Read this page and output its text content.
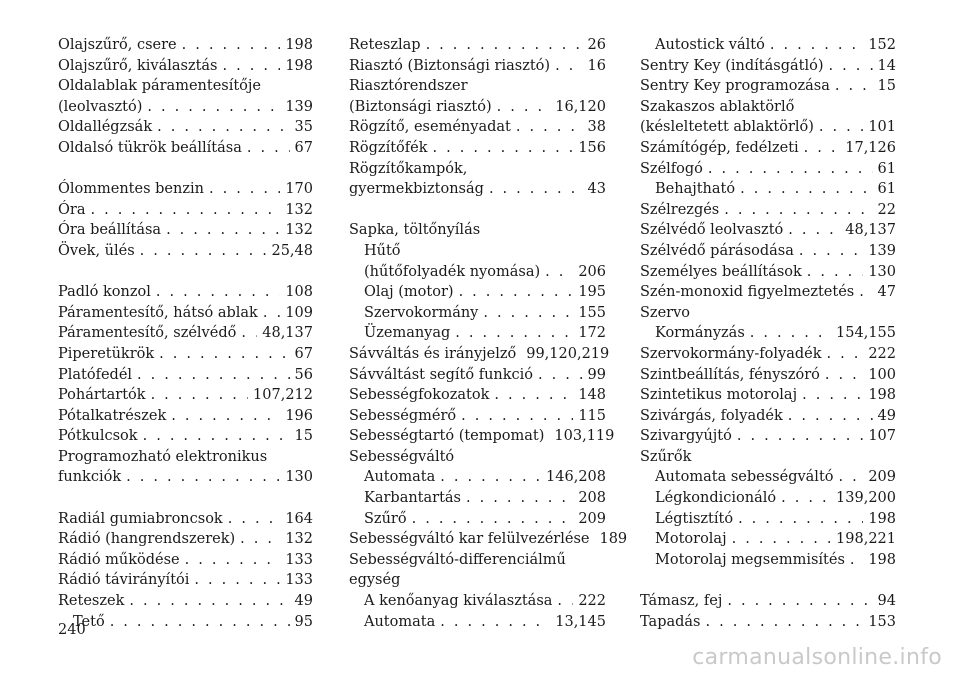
Olajszűrő, csere . . .	198
Olajszűrő, kiválasztás . . .	198
Oldalablak páramentesítője
(leolvasztó) . . .	139
Oldallégzsák . . .	35
Oldalsó tükrök beállítása . . .	67
Ólommentes benzin . . .	170
Óra . . .	132
Óra beállítása . . .	132
Övek, ülés . . .	25,48
Padló konzol . . .	108
Páramentesítő, hátsó ablak . . . 109
Páramentesítő, szélvédő . . . 48,137
Piperetükrök . . .	67
Platófedél . . .	56
Pohártartók . . .	107,212
Pótalkatrészek . . .	196
Pótkulcsok . . .	15
Programozható elektronikus
funkciók . . .	130
Radiál gumiabroncsok . . .	164
Rádió (hangrendszerek) . . .	132
Rádió működése . . .	133
Rádió távirányítói . . .	133
Reteszek . . .	49
Tető . . .	95
Reteszlap . . .	26
Riasztó (Biztonsági riasztó) . . .	16
Riasztórendszer
(Biztonsági riasztó) . . .	16,120
Rögzítő, eseményadat . . .	38
Rögzítőfék . . .	156
Rögzítőkampók,
gyermekbiztonság . . .	43
Sapka, töltőnyílás
Hűtő
(hűtőfolyadék nyomása) . . .	206
Olaj (motor) . . .	195
Szervokormány . . .	155
Üzemanyag . . .	172
Sávváltás és irányjelző 99,120,219
Sávváltást segítő funkció . . .	99
Sebességfokozatok . . .	148
Sebességmérő . . .	115
Sebességtartó (tempomat) 103,119
Sebességváltó
Automata . . .	146,208
Karbantartás . . .	208
Szűrő . . .	209
Sebességváltó kar felülvezérlése 189
Sebességváltó-differenciálmű
egység
A kenőanyag kiválasztása . . . 222
Automata . . .	13,145
Autostick váltó . . .	152
Sentry Key (indításgátló) . . .	14
Sentry Key programozása . . .	15
Szakaszos ablaktörlő
(késleltetett ablaktörlő) . . .	101
Számítógép, fedélzeti . . .	17,126
Szélfogó . . .	61
Behajtható . . .	61
Szélrezgés . . .	22
Szélvédő leolvasztó . . .	48,137
Szélvédő párásodása . . .	139
Személyes beállítások . . .	130
Szén-monoxid figyelmeztetés . . . 47
Szervo
Kormányzás . . .	154,155
Szervokormány-folyadék . . .	222
Szintbeállítás, fényszóró . . .	100
Szintetikus motorolaj . . .	198
Szivárgás, folyadék . . .	49
Szivargyújtó . . .	107
Szűrők
Automata sebességváltó . . . 209
Légkondicionáló . . .	139,200
Légtisztító . . .	198
Motorolaj . . .	198,221
Motorolaj megsemmisítés . . . 198
Támasz, fej . . .	94
Tapadás . . .	153
240
carmanualsonline.info
